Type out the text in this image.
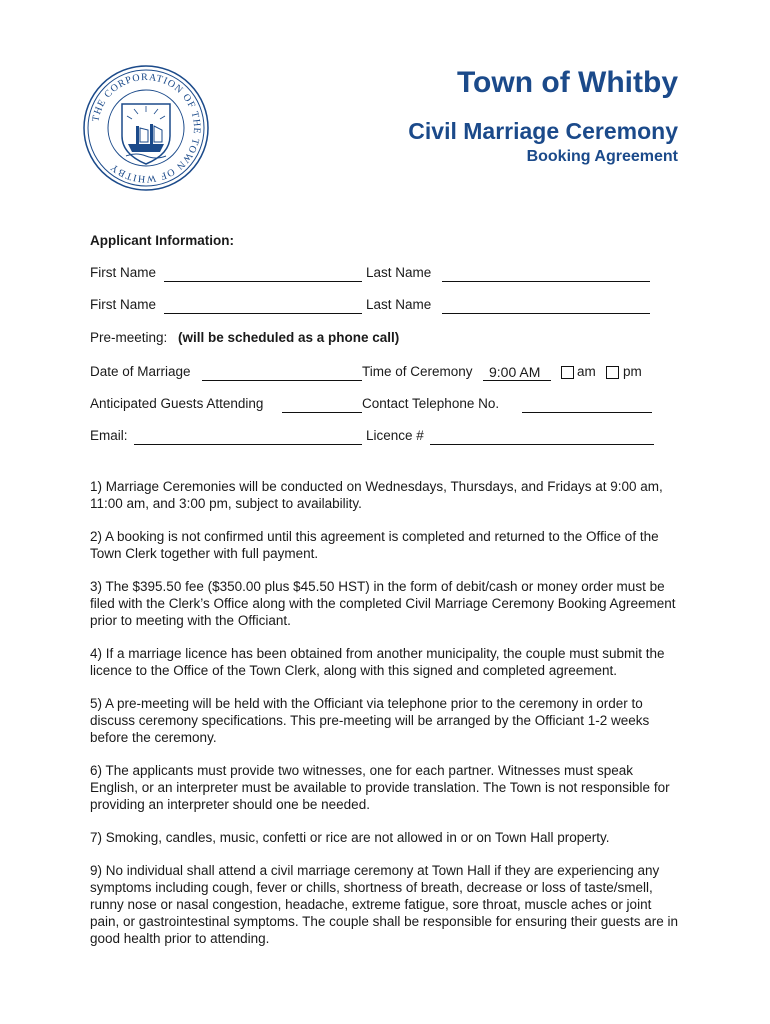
THE CORPORATION OF THE TOWN OF WHITBY
Town of Whitby
Civil Marriage Ceremony
Booking Agreement
Applicant Information:
First Name	Last Name
First Name	Last Name
Pre-meeting: (will be scheduled as a phone call)
Date of Marriage	Time of Ceremony 9:00 AM	am pm
Anticipated Guests Attending	Contact Telephone No.
Email:	Licence #

1) Marriage Ceremonies will be conducted on Wednesdays, Thursdays, and Fridays at 9:00 am, 11:00 am, and 3:00 pm, subject to availability.

2) A booking is not confirmed until this agreement is completed and returned to the Office of the Town Clerk together with full payment.

3) The $395.50 fee ($350.00 plus $45.50 HST) in the form of debit/cash or money order must be filed with the Clerk’s Office along with the completed Civil Marriage Ceremony Booking Agreement prior to meeting with the Officiant.

4) If a marriage licence has been obtained from another municipality, the couple must submit the licence to the Office of the Town Clerk, along with this signed and completed agreement.

5) A pre-meeting will be held with the Officiant via telephone prior to the ceremony in order to discuss ceremony specifications. This pre-meeting will be arranged by the Officiant 1-2 weeks before the ceremony.

6) The applicants must provide two witnesses, one for each partner. Witnesses must speak English, or an interpreter must be available to provide translation. The Town is not responsible for providing an interpreter should one be needed.

7) Smoking, candles, music, confetti or rice are not allowed in or on Town Hall property.

9) No individual shall attend a civil marriage ceremony at Town Hall if they are experiencing any symptoms including cough, fever or chills, shortness of breath, decrease or loss of taste/smell, runny nose or nasal congestion, headache, extreme fatigue, sore throat, muscle aches or joint pain, or gastrointestinal symptoms. The couple shall be responsible for ensuring their guests are in good health prior to attending.
